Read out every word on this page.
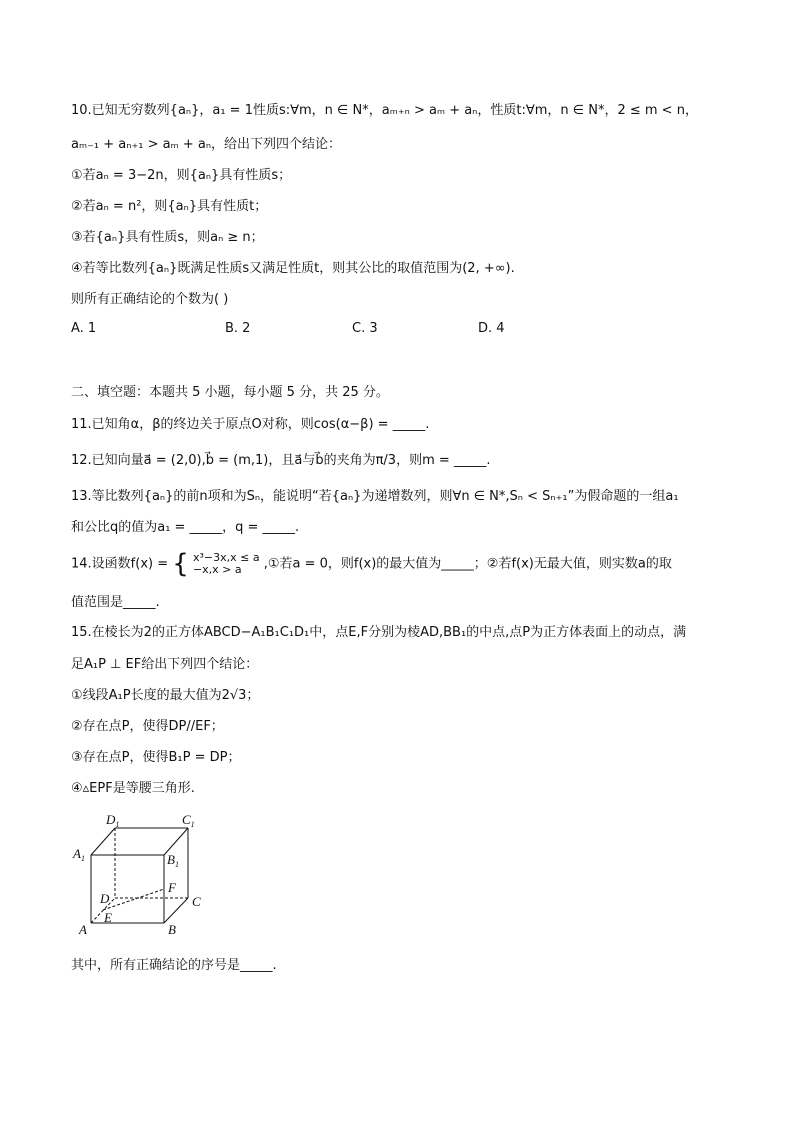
10.已知无穷数列{aₙ}，a₁ = 1性质s:∀m，n ∈ N*，aₘ₊ₙ > aₘ + aₙ，性质t:∀m，n ∈ N*，2 ≤ m < n，
aₘ₋₁ + aₙ₊₁ > aₘ + aₙ，给出下列四个结论：
①若aₙ = 3−2n，则{aₙ}具有性质s；
②若aₙ = n²，则{aₙ}具有性质t；
③若{aₙ}具有性质s，则aₙ ≥ n；
④若等比数列{aₙ}既满足性质s又满足性质t，则其公比的取值范围为(2, +∞).
则所有正确结论的个数为( )
A. 1	B. 2	C. 3	D. 4
二、填空题：本题共 5 小题，每小题 5 分，共 25 分。
11.已知角α，β的终边关于原点O对称，则cos(α−β) = _____.
12.已知向量a⃗ = (2,0),b⃗ = (m,1)，且a⃗与b⃗的夹角为π/3，则m = _____.
13.等比数列{aₙ}的前n项和为Sₙ，能说明“若{aₙ}为递增数列，则∀n ∈ N*,Sₙ < Sₙ₊₁”为假命题的一组a₁
和公比q的值为a₁ = _____，q = _____.
14.设函数f(x) = { x³−3x,x ≤ a
−x,x > a	,①若a = 0，则f(x)的最大值为_____；②若f(x)无最大值，则实数a的取
值范围是_____.
15.在棱长为2的正方体ABCD−A₁B₁C₁D₁中，点E,F分别为棱AD,BB₁的中点,点P为正方体表面上的动点，满
足A₁P ⊥ EF给出下列四个结论：
①线段A₁P长度的最大值为2√3；
②存在点P，使得DP//EF；
③存在点P，使得B₁P = DP；
④▵EPF是等腰三角形.
A	B
C
D
E
F
$A_1$	$B_1$
$C_1$
$D_1$
其中，所有正确结论的序号是_____.
